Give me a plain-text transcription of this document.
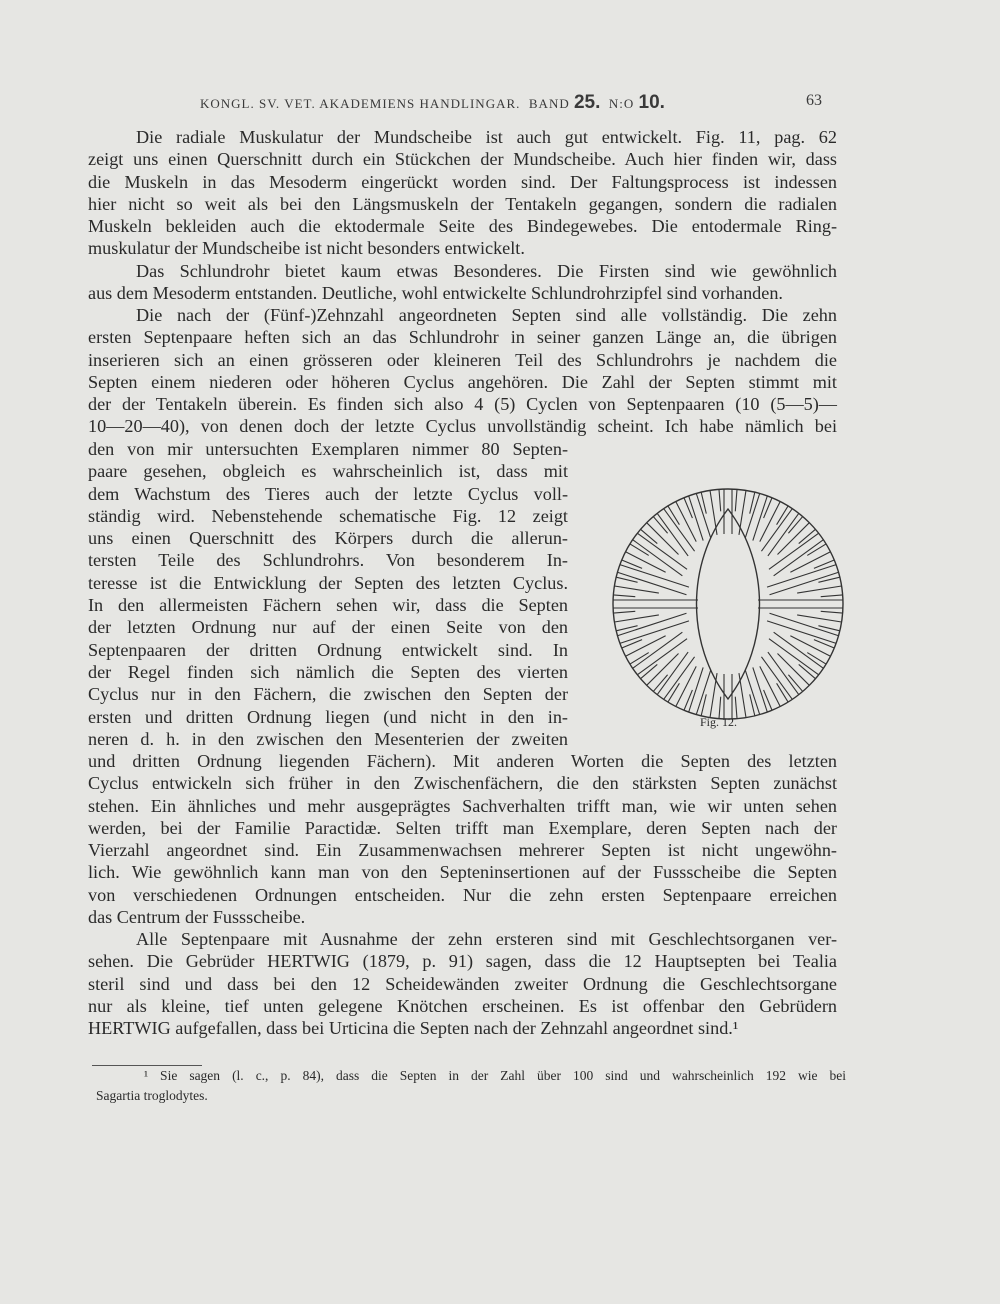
KONGL. SV. VET. AKADEMIENS HANDLINGAR. BAND 25. N:O 10.	63
Die radiale Muskulatur der Mundscheibe ist auch gut entwickelt. Fig. 11, pag. 62
zeigt uns einen Querschnitt durch ein Stückchen der Mundscheibe. Auch hier finden wir, dass
die Muskeln in das Mesoderm eingerückt worden sind. Der Faltungsprocess ist indessen
hier nicht so weit als bei den Längsmuskeln der Tentakeln gegangen, sondern die radialen
Muskeln bekleiden auch die ektodermale Seite des Bindegewebes. Die entodermale Ring-
muskulatur der Mundscheibe ist nicht besonders entwickelt.
Das Schlundrohr bietet kaum etwas Besonderes. Die Firsten sind wie gewöhnlich
aus dem Mesoderm entstanden. Deutliche, wohl entwickelte Schlundrohrzipfel sind vorhanden.
Die nach der (Fünf-)Zehnzahl angeordneten Septen sind alle vollständig. Die zehn
ersten Septenpaare heften sich an das Schlundrohr in seiner ganzen Länge an, die übrigen
inserieren sich an einen grösseren oder kleineren Teil des Schlundrohrs je nachdem die
Septen einem niederen oder höheren Cyclus angehören. Die Zahl der Septen stimmt mit
der der Tentakeln überein. Es finden sich also 4 (5) Cyclen von Septenpaaren (10 (5—5)—
10—20—40), von denen doch der letzte Cyclus unvollständig scheint. Ich habe nämlich bei
den von mir untersuchten Exemplaren nimmer 80 Septen-
paare gesehen, obgleich es wahrscheinlich ist, dass mit
dem Wachstum des Tieres auch der letzte Cyclus voll-
ständig wird. Nebenstehende schematische Fig. 12 zeigt
uns einen Querschnitt des Körpers durch die allerun-
tersten Teile des Schlundrohrs. Von besonderem In-
teresse ist die Entwicklung der Septen des letzten Cyclus.
In den allermeisten Fächern sehen wir, dass die Septen
der letzten Ordnung nur auf der einen Seite von den
Septenpaaren der dritten Ordnung entwickelt sind. In
der Regel finden sich nämlich die Septen des vierten
Cyclus nur in den Fächern, die zwischen den Septen der
ersten und dritten Ordnung liegen (und nicht in den in-
neren d. h. in den zwischen den Mesenterien der zweiten
und dritten Ordnung liegenden Fächern). Mit anderen Worten die Septen des letzten
Cyclus entwickeln sich früher in den Zwischenfächern, die den stärksten Septen zunächst
stehen. Ein ähnliches und mehr ausgeprägtes Sachverhalten trifft man, wie wir unten sehen
werden, bei der Familie Paractidæ. Selten trifft man Exemplare, deren Septen nach der
Vierzahl angeordnet sind. Ein Zusammenwachsen mehrerer Septen ist nicht ungewöhn-
lich. Wie gewöhnlich kann man von den Septeninsertionen auf der Fussscheibe die Septen
von verschiedenen Ordnungen entscheiden. Nur die zehn ersten Septenpaare erreichen
das Centrum der Fussscheibe.
Alle Septenpaare mit Ausnahme der zehn ersteren sind mit Geschlechtsorganen ver-
sehen. Die Gebrüder HERTWIG (1879, p. 91) sagen, dass die 12 Hauptsepten bei Tealia
steril sind und dass bei den 12 Scheidewänden zweiter Ordnung die Geschlechtsorgane
nur als kleine, tief unten gelegene Knötchen erscheinen. Es ist offenbar den Gebrüdern
HERTWIG aufgefallen, dass bei Urticina die Septen nach der Zehnzahl angeordnet sind.¹
Fig. 12.
¹ Sie sagen (l. c., p. 84), dass die Septen in der Zahl über 100 sind und wahrscheinlich 192 wie bei
Sagartia troglodytes.
